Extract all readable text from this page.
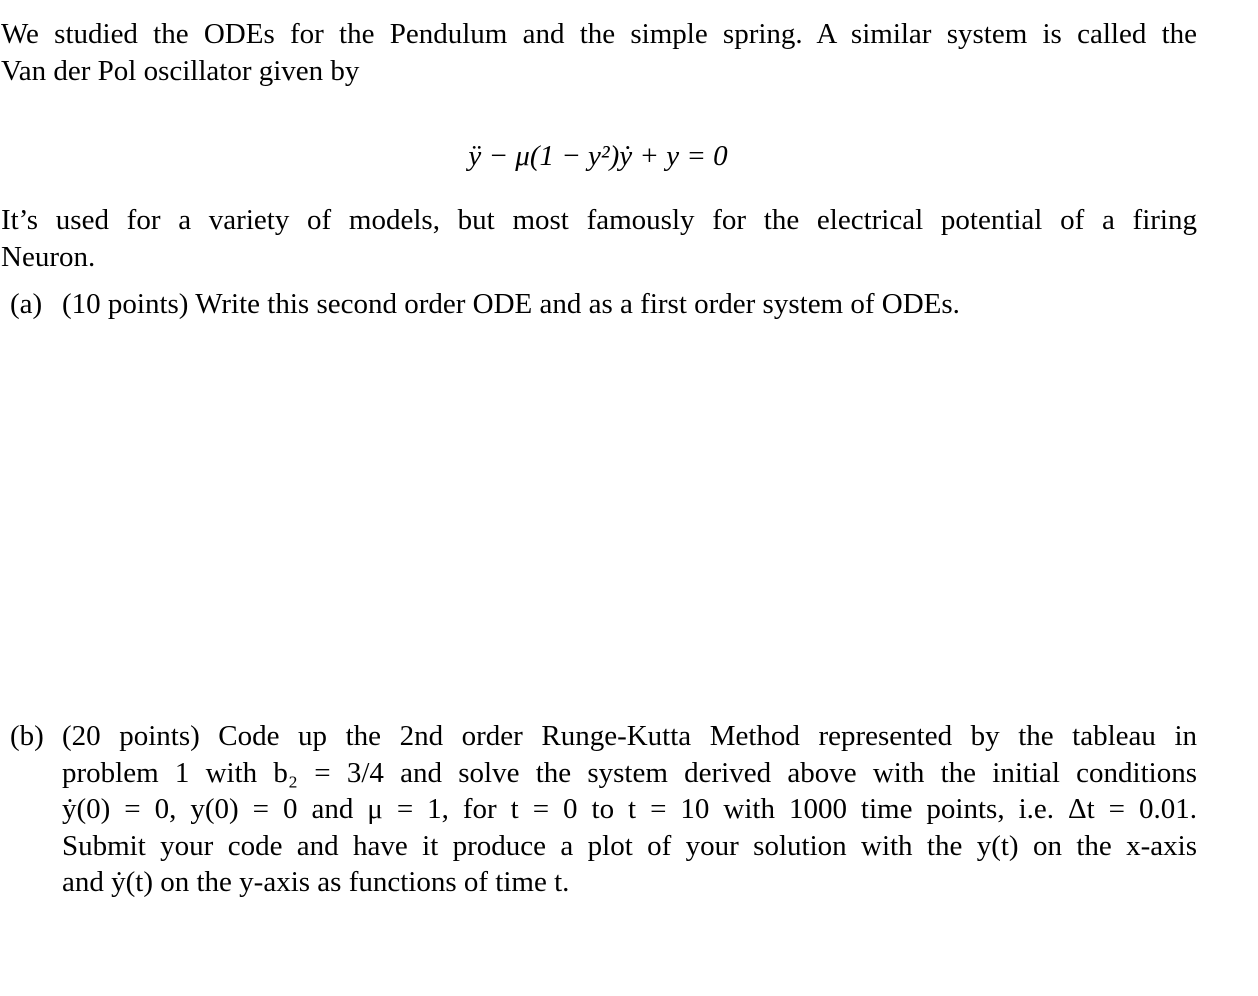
We studied the ODEs for the Pendulum and the simple spring. A similar system is called the
Van der Pol oscillator given by
ÿ − μ(1 − y²)ẏ + y = 0
It’s used for a variety of models, but most famously for the electrical potential of a firing
Neuron.
(a) (10 points) Write this second order ODE and as a first order system of ODEs.
(b) (20 points) Code up the 2nd order Runge-Kutta Method represented by the tableau in
problem 1 with b₂ = 3/4 and solve the system derived above with the initial conditions
ẏ(0) = 0, y(0) = 0 and μ = 1, for t = 0 to t = 10 with 1000 time points, i.e. Δt = 0.01.
Submit your code and have it produce a plot of your solution with the y(t) on the x-axis
and ẏ(t) on the y-axis as functions of time t.
